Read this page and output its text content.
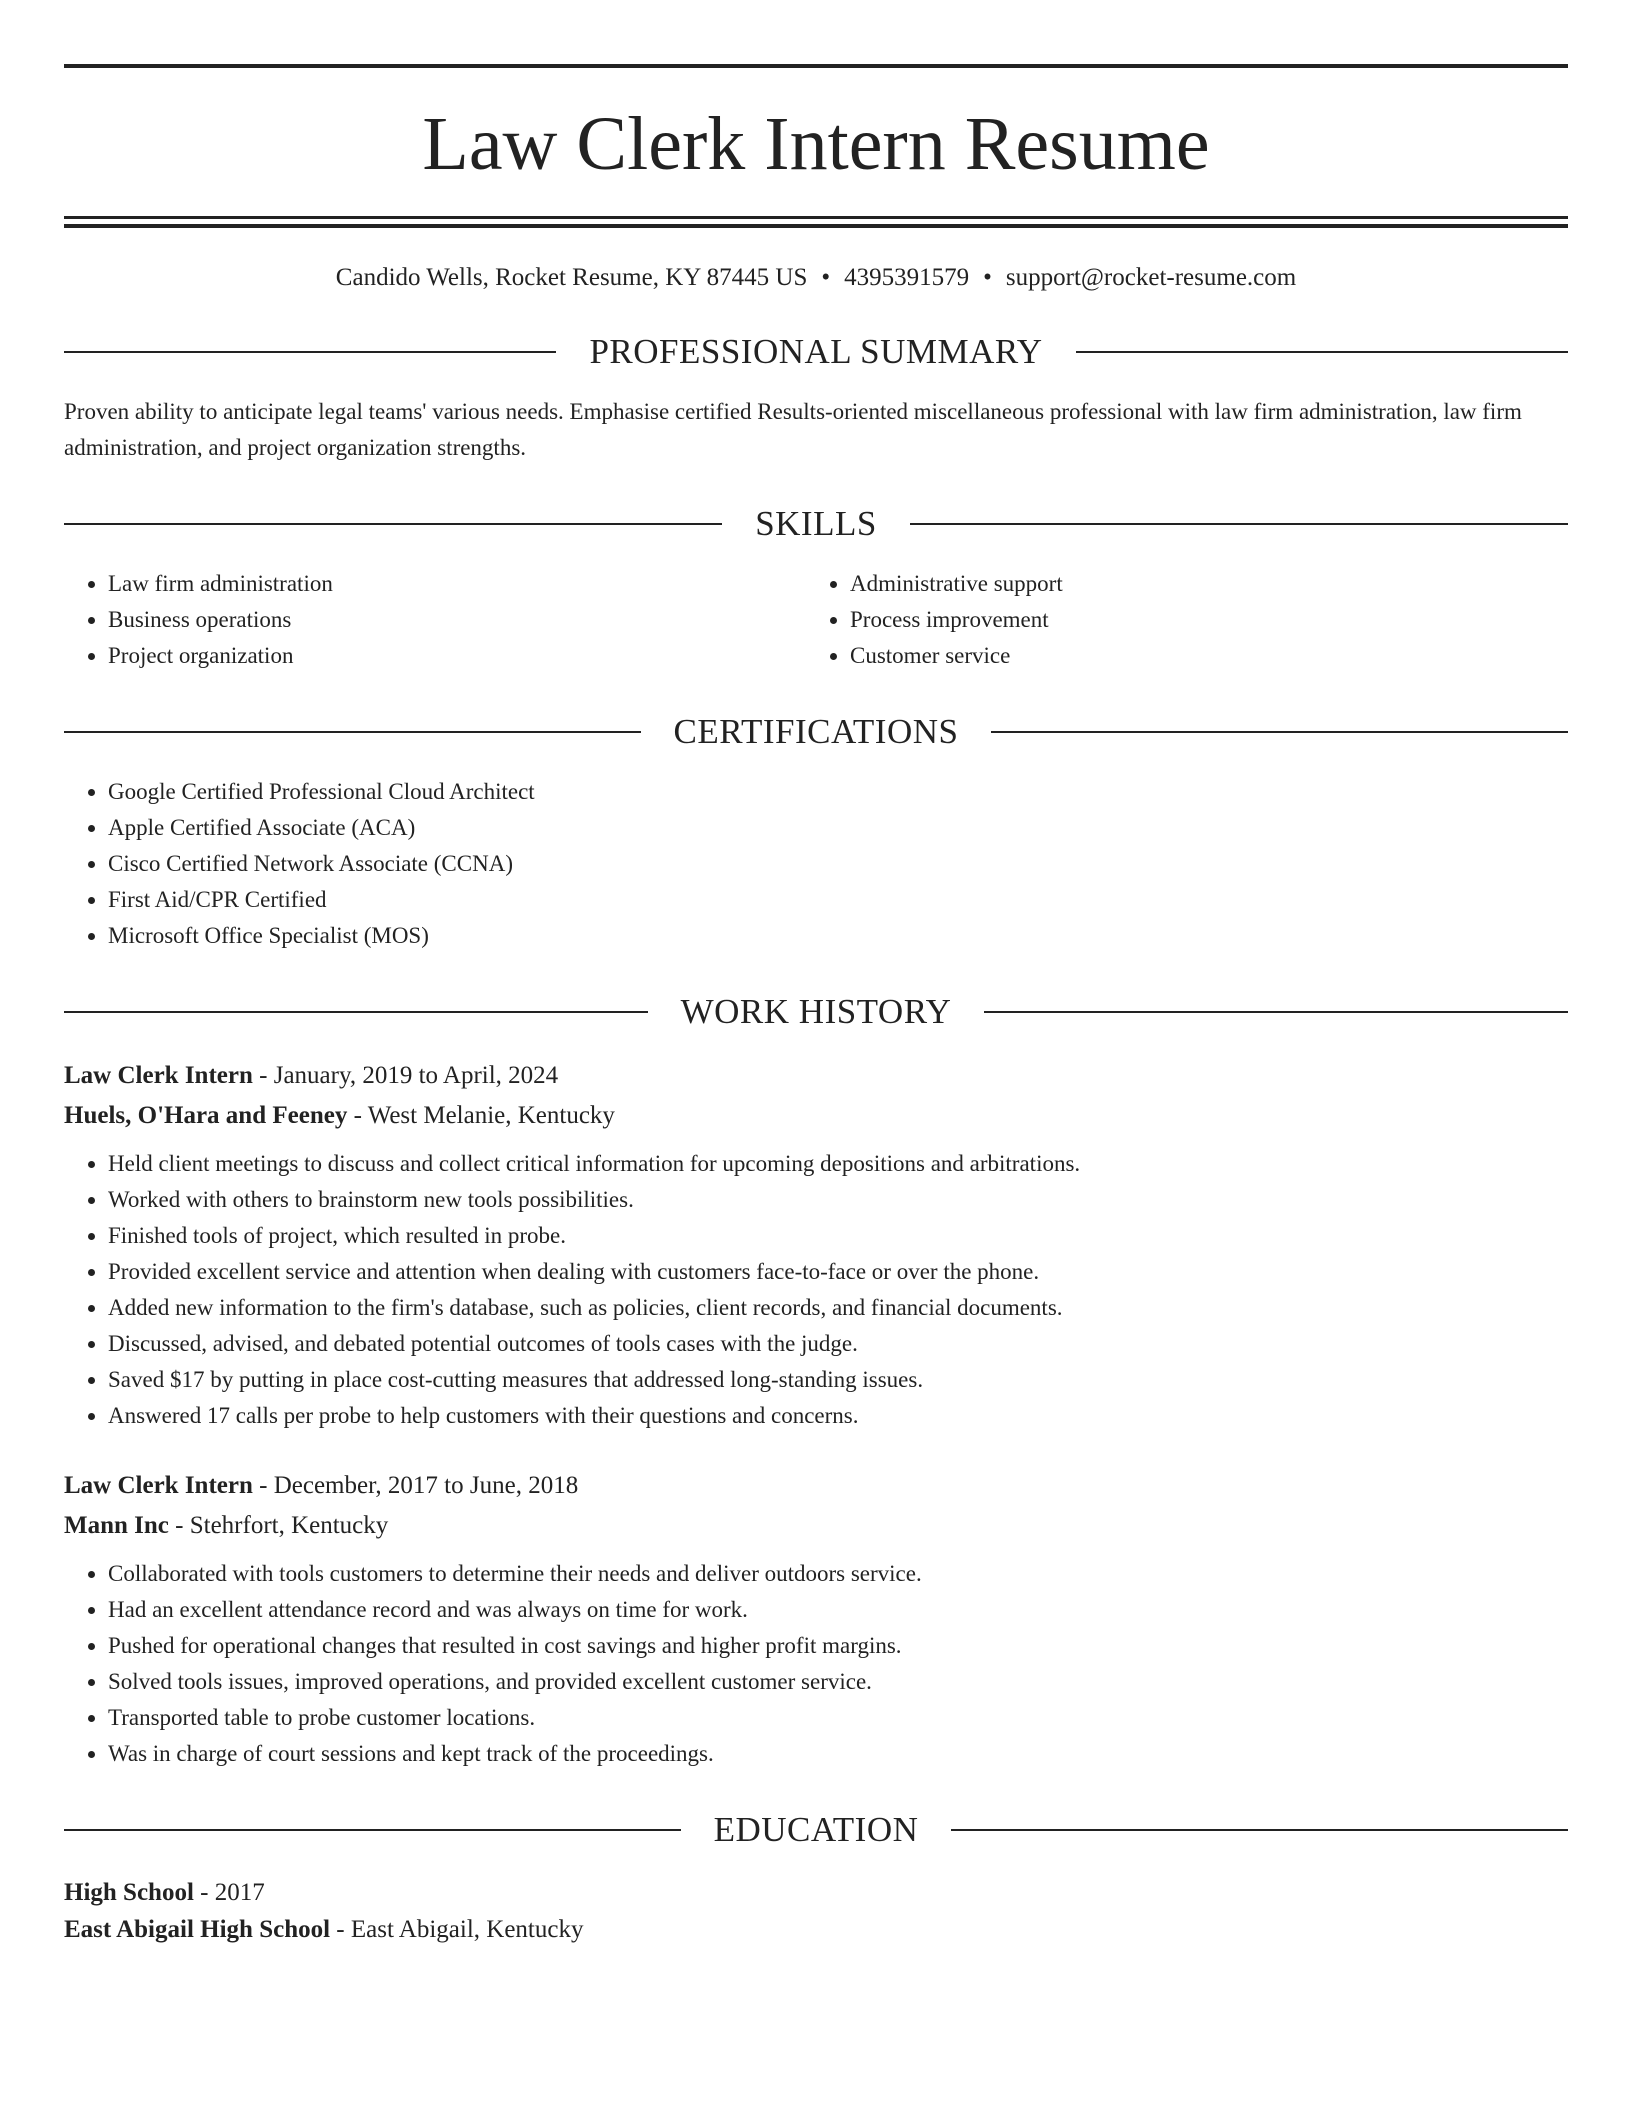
Law Clerk Intern Resume
Candido Wells, Rocket Resume, KY 87445 US • 4395391579 • support@rocket-resume.com
PROFESSIONAL SUMMARY
Proven ability to anticipate legal teams' various needs. Emphasise certified Results-oriented miscellaneous professional with law firm administration, law firm administration, and project organization strengths.
SKILLS
• Law firm administration
• Business operations
• Project organization
• Administrative support
• Process improvement
• Customer service
CERTIFICATIONS
• Google Certified Professional Cloud Architect
• Apple Certified Associate (ACA)
• Cisco Certified Network Associate (CCNA)
• First Aid/CPR Certified
• Microsoft Office Specialist (MOS)
WORK HISTORY
Law Clerk Intern - January, 2019 to April, 2024
Huels, O'Hara and Feeney - West Melanie, Kentucky
• Held client meetings to discuss and collect critical information for upcoming depositions and arbitrations.
• Worked with others to brainstorm new tools possibilities.
• Finished tools of project, which resulted in probe.
• Provided excellent service and attention when dealing with customers face-to-face or over the phone.
• Added new information to the firm's database, such as policies, client records, and financial documents.
• Discussed, advised, and debated potential outcomes of tools cases with the judge.
• Saved $17 by putting in place cost-cutting measures that addressed long-standing issues.
• Answered 17 calls per probe to help customers with their questions and concerns.
Law Clerk Intern - December, 2017 to June, 2018
Mann Inc - Stehrfort, Kentucky
• Collaborated with tools customers to determine their needs and deliver outdoors service.
• Had an excellent attendance record and was always on time for work.
• Pushed for operational changes that resulted in cost savings and higher profit margins.
• Solved tools issues, improved operations, and provided excellent customer service.
• Transported table to probe customer locations.
• Was in charge of court sessions and kept track of the proceedings.
EDUCATION
High School - 2017
East Abigail High School - East Abigail, Kentucky
